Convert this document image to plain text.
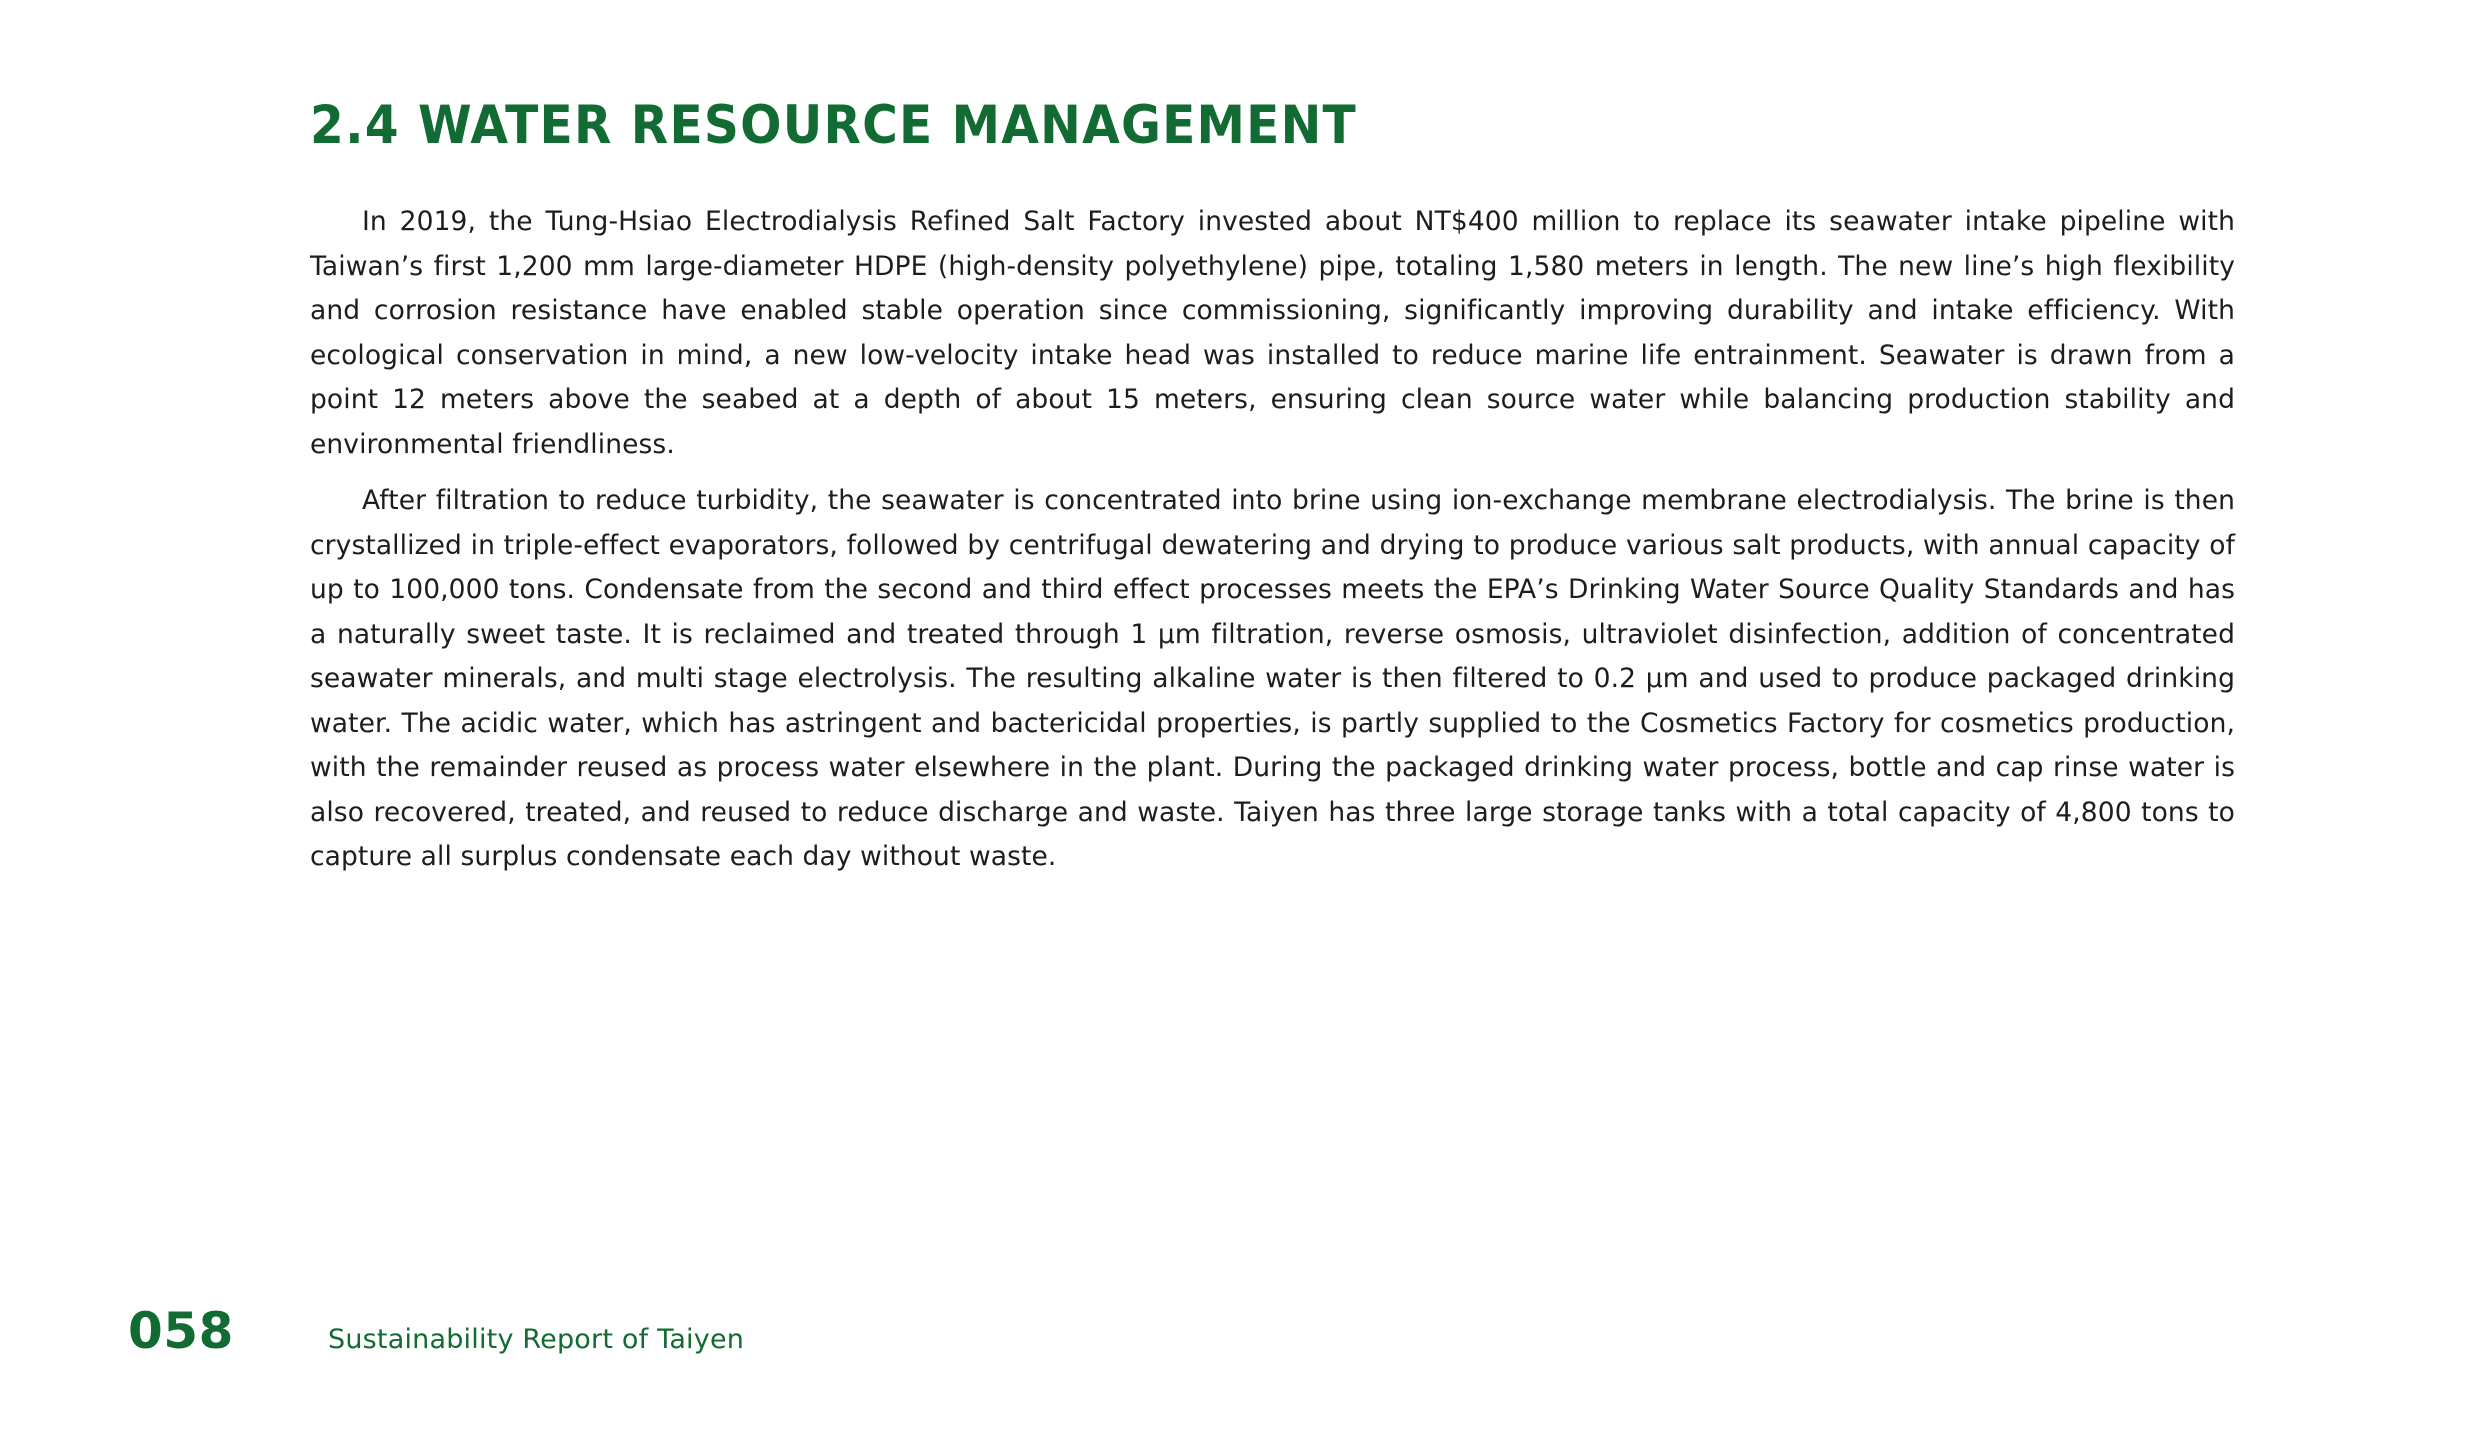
2.4 WATER RESOURCE MANAGEMENT

In 2019, the Tung-Hsiao Electrodialysis Refined Salt Factory invested about NT$400 million to replace its seawater intake pipeline with Taiwan’s first 1,200 mm large-diameter HDPE (high-density polyethylene) pipe, totaling 1,580 meters in length. The new line’s high flexibility and corrosion resistance have enabled stable operation since commissioning, significantly improving durability and intake efficiency. With ecological conservation in mind, a new low-velocity intake head was installed to reduce marine life entrainment. Seawater is drawn from a point 12 meters above the seabed at a depth of about 15 meters, ensuring clean source water while balancing production stability and environmental friendliness.

After filtration to reduce turbidity, the seawater is concentrated into brine using ion-exchange membrane electrodialysis. The brine is then crystallized in triple-effect evaporators, followed by centrifugal dewatering and drying to produce various salt products, with annual capacity of up to 100,000 tons. Condensate from the second and third effect processes meets the EPA’s Drinking Water Source Quality Standards and has a naturally sweet taste. It is reclaimed and treated through 1 μm filtration, reverse osmosis, ultraviolet disinfection, addition of concentrated seawater minerals, and multi stage electrolysis. The resulting alkaline water is then filtered to 0.2 μm and used to produce packaged drinking water. The acidic water, which has astringent and bactericidal properties, is partly supplied to the Cosmetics Factory for cosmetics production, with the remainder reused as process water elsewhere in the plant. During the packaged drinking water process, bottle and cap rinse water is also recovered, treated, and reused to reduce discharge and waste. Taiyen has three large storage tanks with a total capacity of 4,800 tons to capture all surplus condensate each day without waste.

058	Sustainability Report of Taiyen
